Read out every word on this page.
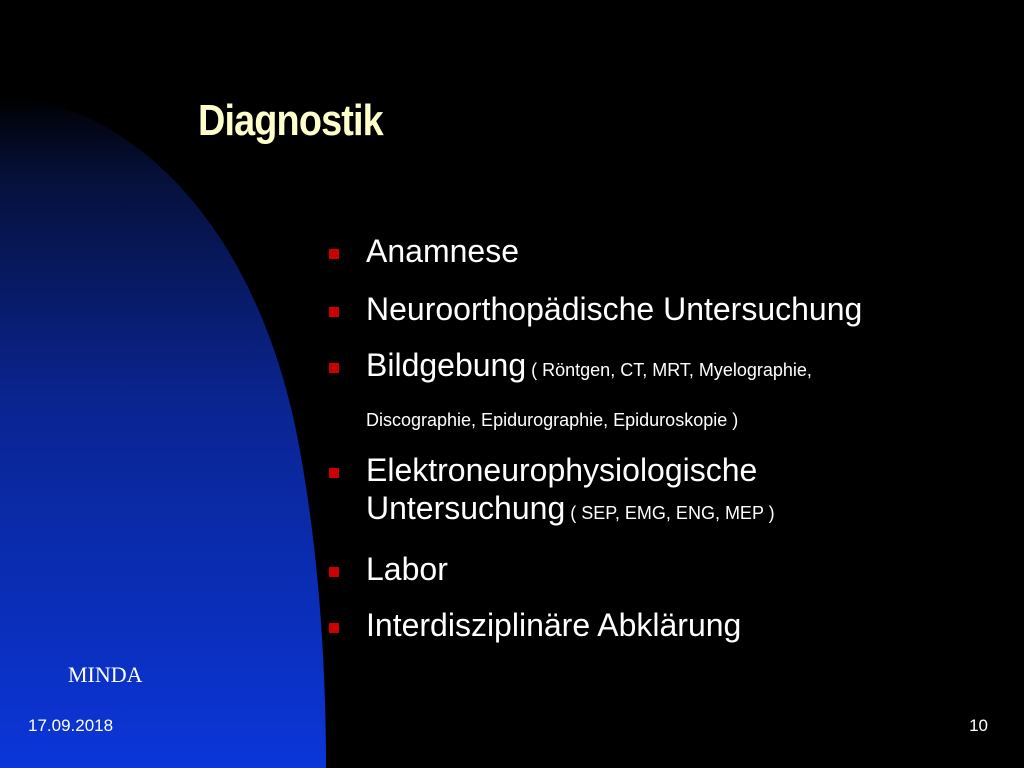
Diagnostik
Anamnese
Neuroorthopädische Untersuchung
Bildgebung ( Röntgen, CT, MRT, Myelographie,
Discographie, Epidurographie, Epiduroskopie )
Elektroneurophysiologische
Untersuchung ( SEP, EMG, ENG, MEP )
Labor
Interdisziplinäre Abklärung
MINDA
17.09.2018	10
